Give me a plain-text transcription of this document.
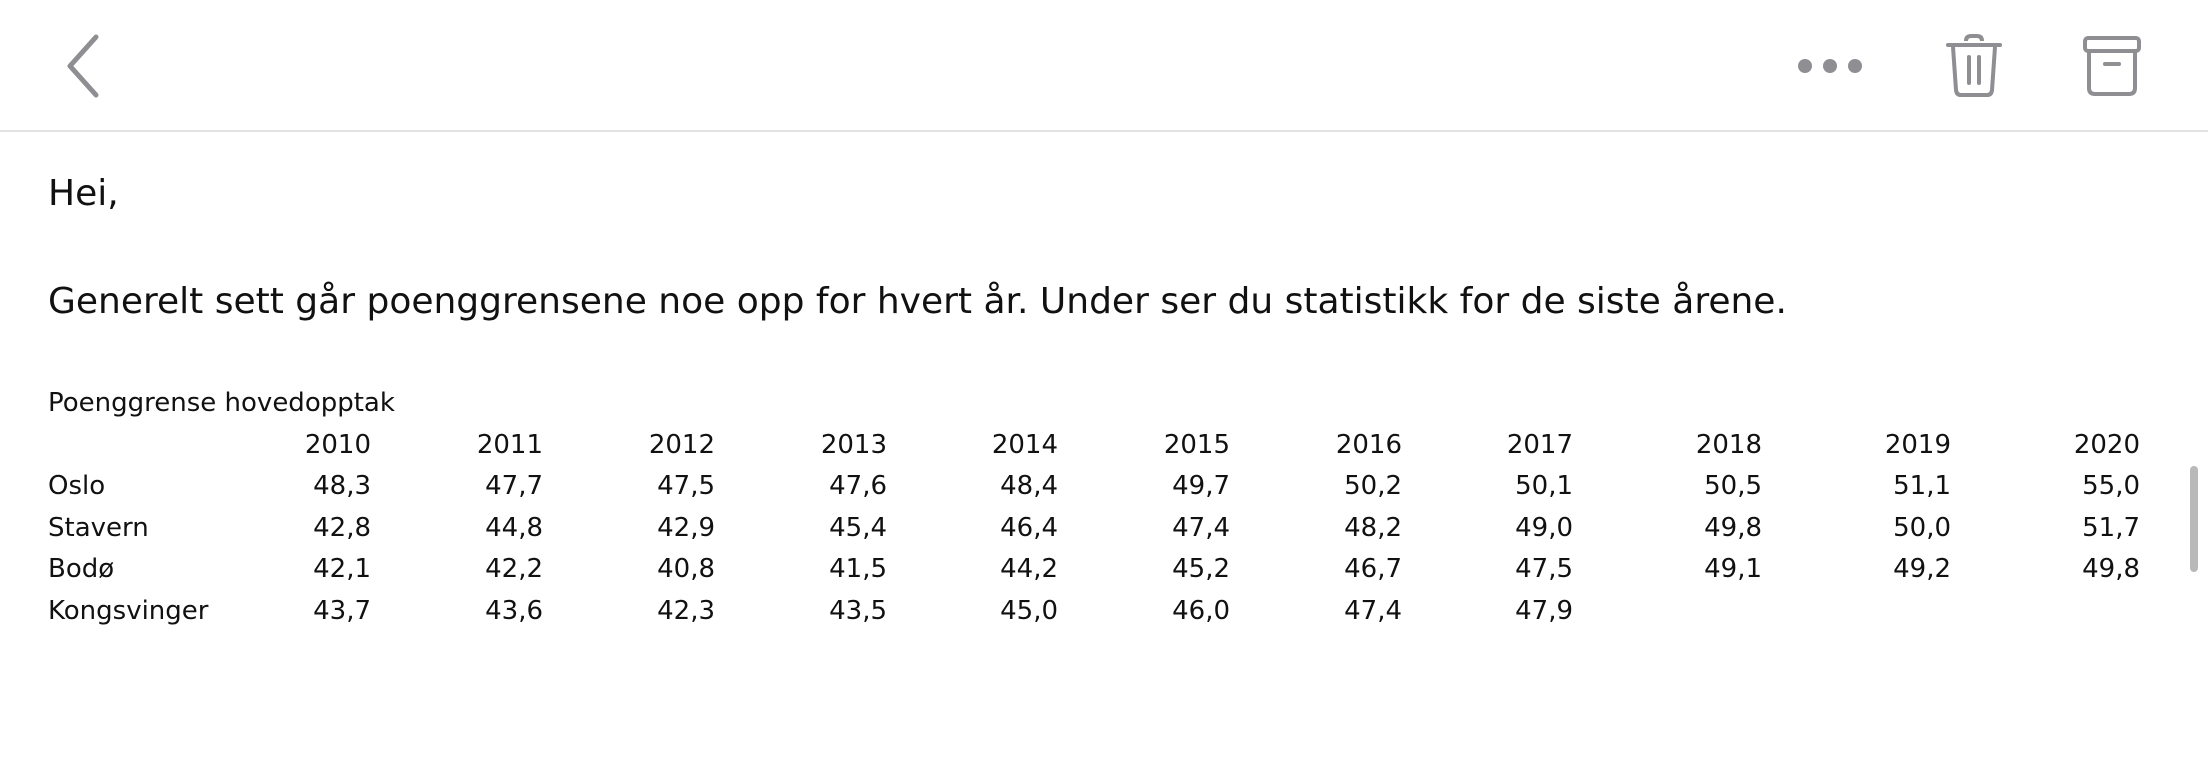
Hei,
Generelt sett går poenggrensene noe opp for hvert år. Under ser du statistikk for de siste årene.
Poenggrense hovedopptak
	2010	2011	2012	2013	2014	2015	2016	2017	2018	2019	2020
Oslo	48,3	47,7	47,5	47,6	48,4	49,7	50,2	50,1	50,5	51,1	55,0
Stavern	42,8	44,8	42,9	45,4	46,4	47,4	48,2	49,0	49,8	50,0	51,7
Bodø	42,1	42,2	40,8	41,5	44,2	45,2	46,7	47,5	49,1	49,2	49,8
Kongsvinger	43,7	43,6	42,3	43,5	45,0	46,0	47,4	47,9			
